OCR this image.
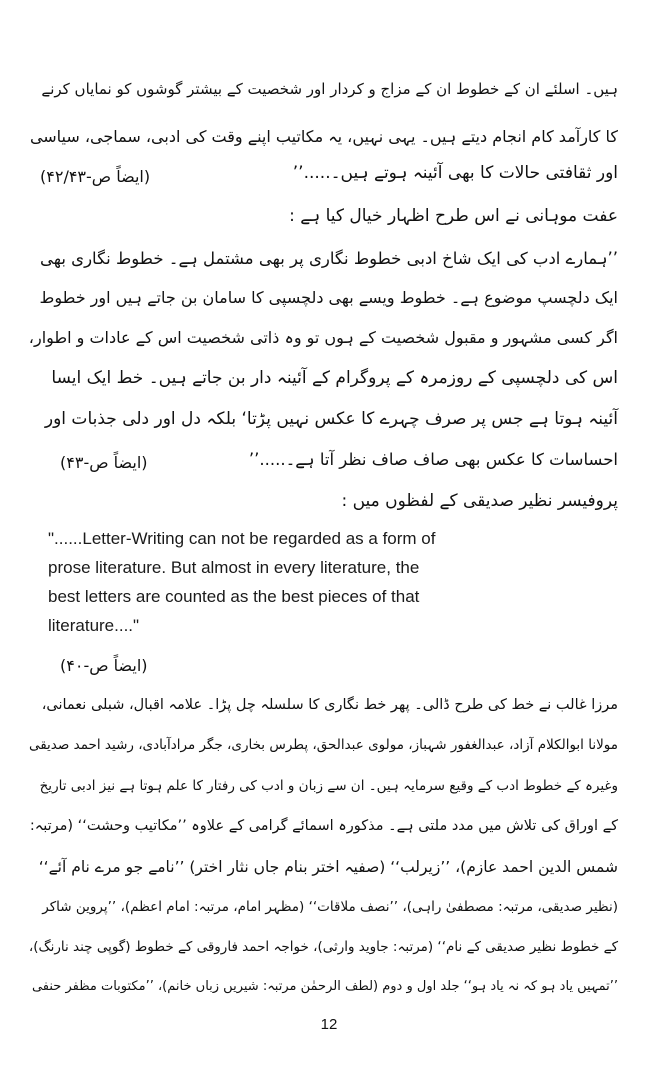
ہیں۔ اسلئے ان کے خطوط ان کے مزاج و کردار اور شخصیت کے بیشتر گوشوں کو نمایاں کرنے
کا کارآمد کام انجام دیتے ہیں۔ یہی نہیں، یہ مکاتیب اپنے وقت کی ادبی، سماجی، سیاسی
اور ثقافتی حالات کا بھی آئینہ ہوتے ہیں۔.....’’
(ایضاً ص-۴۲/۴۳)
عفت موہانی نے اس طرح اظہار خیال کیا ہے :
’’ہمارے ادب کی ایک شاخ ادبی خطوط نگاری پر بھی مشتمل ہے۔ خطوط نگاری بھی
ایک دلچسپ موضوع ہے۔ خطوط ویسے بھی دلچسپی کا سامان بن جاتے ہیں اور خطوط
اگر کسی مشہور و مقبول شخصیت کے ہوں تو وہ ذاتی شخصیت اس کے عادات و اطوار،
اس کی دلچسپی کے روزمرہ کے پروگرام کے آئینہ دار بن جاتے ہیں۔ خط ایک ایسا
آئینہ ہوتا ہے جس پر صرف چہرے کا عکس نہیں پڑتا‘ بلکہ دل اور دلی جذبات اور
احساسات کا عکس بھی صاف صاف نظر آتا ہے۔.....’’
(ایضاً ص-۴۳)
پروفیسر نظیر صدیقی کے لفظوں میں :
"......Letter-Writing can not be regarded as a form of
prose literature. But almost in every literature, the
best letters are counted as the best pieces of that
literature...."
(ایضاً ص-۴۰)
مرزا غالب نے خط کی طرح ڈالی۔ پھر خط نگاری کا سلسلہ چل پڑا۔ علامہ اقبال، شبلی نعمانی،
مولانا ابوالکلام آزاد، عبدالغفور شہباز، مولوی عبدالحق، پطرس بخاری، جگر مرادآبادی، رشید احمد صدیقی
وغیرہ کے خطوط ادب کے وقیع سرمایہ ہیں۔ ان سے زبان و ادب کی رفتار کا علم ہوتا ہے نیز ادبی تاریخ
کے اوراق کی تلاش میں مدد ملتی ہے۔ مذکورہ اسمائے گرامی کے علاوہ ’’مکاتیب وحشت‘‘ (مرتبہ:
شمس الدین احمد عازم)، ’’زیرلب‘‘ (صفیہ اختر بنام جاں نثار اختر) ’’نامے جو مرے نام آئے‘‘
(نظیر صدیقی، مرتبہ: مصطفیٰ راہی)، ’’نصف ملاقات‘‘ (مظہر امام، مرتبہ: امام اعظم)، ’’پروین شاکر
کے خطوط نظیر صدیقی کے نام‘‘ (مرتبہ: جاوید وارثی)، خواجہ احمد فاروقی کے خطوط (گوپی چند نارنگ)،
’’تمہیں یاد ہو کہ نہ یاد ہو‘‘ جلد اول و دوم (لطف الرحمٰن مرتبہ: شیریں زباں خانم)، ’’مکتوبات مظفر حنفی
12
